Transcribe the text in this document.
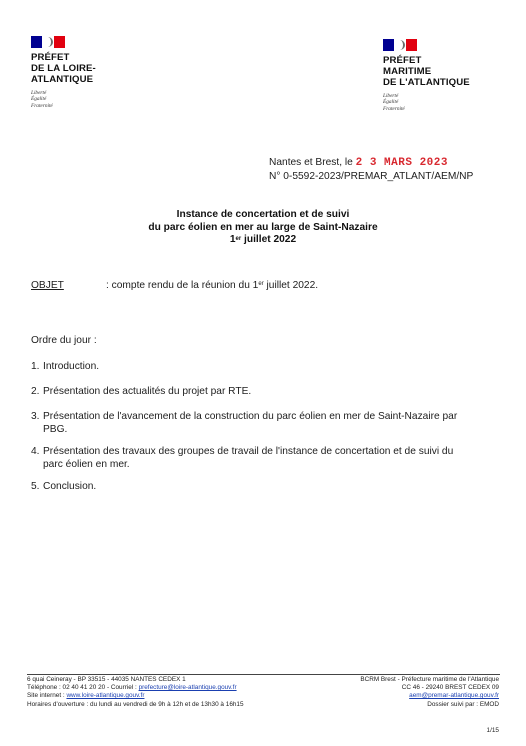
PRÉFET
DE LA LOIRE-
ATLANTIQUE
Liberté
Égalité
Fraternité
PRÉFET
MARITIME
DE L'ATLANTIQUE
Liberté
Égalité
Fraternité
Nantes et Brest, le 2 3 MARS 2023
N° 0-5592-2023/PREMAR_ATLANT/AEM/NP
Instance de concertation et de suivi
du parc éolien en mer au large de Saint-Nazaire
1er juillet 2022
OBJET	: compte rendu de la réunion du 1er juillet 2022.
Ordre du jour :
1. Introduction.
2. Présentation des actualités du projet par RTE.
3. Présentation de l'avancement de la construction du parc éolien en mer de Saint-Nazaire par
PBG.
4. Présentation des travaux des groupes de travail de l'instance de concertation et de suivi du
parc éolien en mer.
5. Conclusion.
6 quai Ceineray - BP 33515 - 44035 NANTES CEDEX 1
Téléphone : 02 40 41 20 20 - Courriel : prefecture@loire-atlantique.gouv.fr
Site internet : www.loire-atlantique.gouv.fr
Horaires d'ouverture : du lundi au vendredi de 9h à 12h et de 13h30 à 16h15
BCRM Brest - Préfecture maritime de l'Atlantique
CC 46 - 29240 BREST CEDEX 09
aem@premar-atlantique.gouv.fr
Dossier suivi par : EMOD
1/15
